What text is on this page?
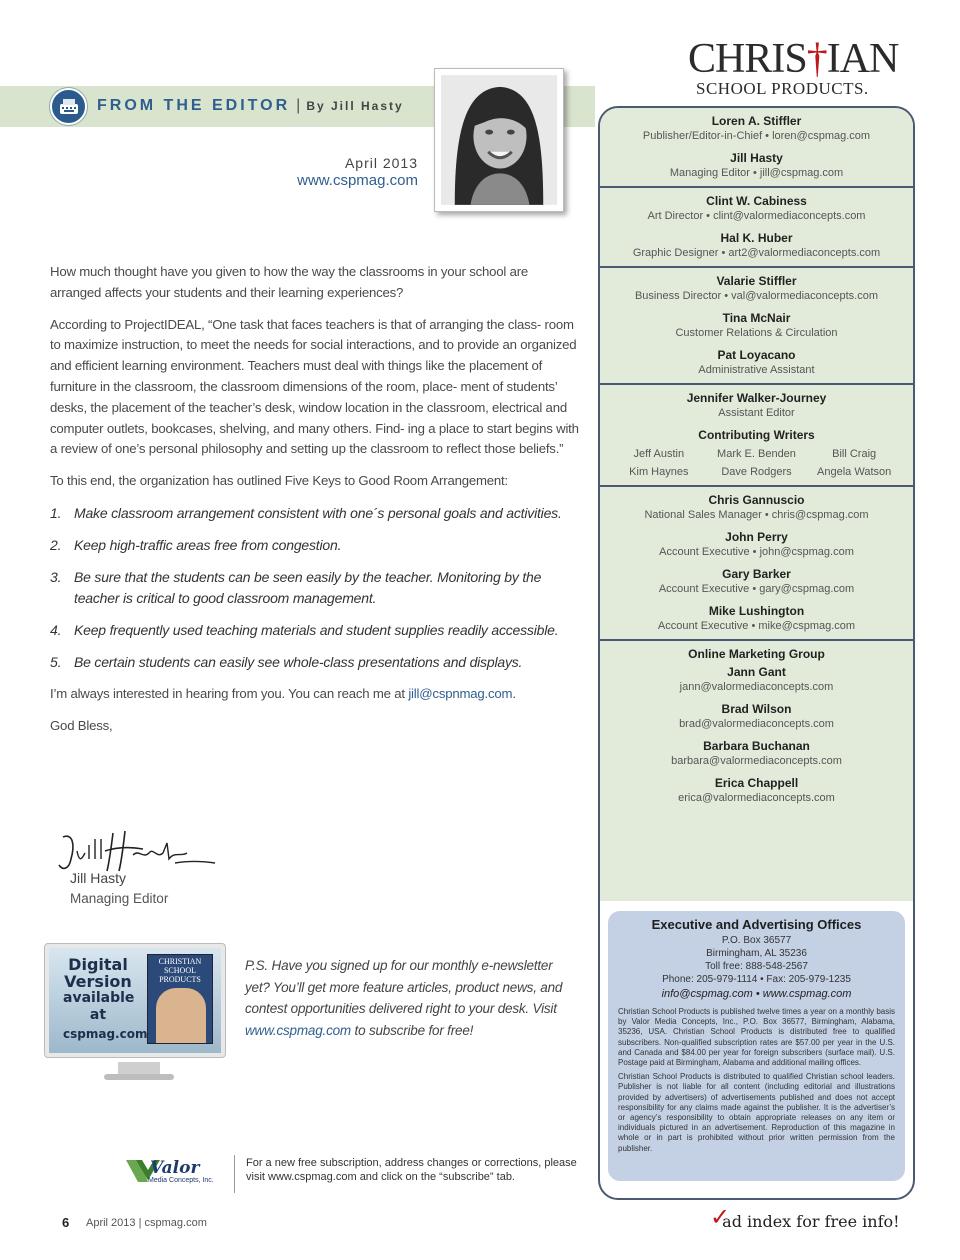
FROM THE EDITOR | By Jill Hasty
April 2013
www.cspmag.com

How much thought have you given to how the way the classrooms in your school are arranged affects your students and their learning experiences?

According to ProjectIDEAL, “One task that faces teachers is that of arranging the class- room to maximize instruction, to meet the needs for social interactions, and to provide an organized and efficient learning environment. Teachers must deal with things like the placement of furniture in the classroom, the classroom dimensions of the room, place- ment of students’ desks, the placement of the teacher’s desk, window location in the classroom, electrical and computer outlets, bookcases, shelving, and many others. Find- ing a place to start begins with a review of one’s personal philosophy and setting up the classroom to reflect those beliefs.”

To this end, the organization has outlined Five Keys to Good Room Arrangement:

1. Make classroom arrangement consistent with one´s personal goals and activities.
2. Keep high-traffic areas free from congestion.
3. Be sure that the students can be seen easily by the teacher. Monitoring by the teacher is critical to good classroom management.
4. Keep frequently used teaching materials and student supplies readily accessible.
5. Be certain students can easily see whole-class presentations and displays.

I’m always interested in hearing from you. You can reach me at jill@cspnmag.com.

God Bless,

Jill Hasty
Managing Editor
Digital
Version
available
at
cspmag.com
CHRISTIAN SCHOOL PRODUCTS
P.S. Have you signed up for our monthly e-newsletter yet? You’ll get more feature articles, product news, and contest opportunities delivered right to your desk. Visit www.cspmag.com to subscribe for free!
Valor
Media Concepts, Inc.
For a new free subscription, address changes or corrections, please visit www.cspmag.com and click on the “subscribe” tab.
6 April 2013 | cspmag.com
CHRIS†IAN
SCHOOL PRODUCTS.
Loren A. Stiffler
Publisher/Editor-in-Chief • loren@cspmag.com
Jill Hasty
Managing Editor • jill@cspmag.com
Clint W. Cabiness
Art Director • clint@valormediaconcepts.com
Hal K. Huber
Graphic Designer • art2@valormediaconcepts.com
Valarie Stiffler
Business Director • val@valormediaconcepts.com
Tina McNair
Customer Relations & Circulation
Pat Loyacano
Administrative Assistant
Jennifer Walker-Journey
Assistant Editor
Contributing Writers
Jeff Austin	Mark E. Benden	Bill Craig
Kim Haynes	Dave Rodgers	Angela Watson
Chris Gannuscio
National Sales Manager • chris@cspmag.com
John Perry
Account Executive • john@cspmag.com
Gary Barker
Account Executive • gary@cspmag.com
Mike Lushington
Account Executive • mike@cspmag.com
Online Marketing Group
Jann Gant
jann@valormediaconcepts.com
Brad Wilson
brad@valormediaconcepts.com
Barbara Buchanan
barbara@valormediaconcepts.com
Erica Chappell
erica@valormediaconcepts.com
Executive and Advertising Offices
P.O. Box 36577
Birmingham, AL 35236
Toll free: 888-548-2567
Phone: 205-979-1114 • Fax: 205-979-1235
info@cspmag.com • www.cspmag.com
Christian School Products is published twelve times a year on a monthly basis by Valor Media Concepts, Inc., P.O. Box 36577, Birmingham, Alabama, 35236, USA. Christian School Products is distributed free to qualified subscribers. Non-qualified subscription rates are $57.00 per year in the U.S. and Canada and $84.00 per year for foreign subscribers (surface mail). U.S. Postage paid at Birmingham, Alabama and additional mailing offices.
Christian School Products is distributed to qualified Christian school leaders. Publisher is not liable for all content (including editorial and illustrations provided by advertisers) of advertisements published and does not accept responsibility for any claims made against the publisher. It is the advertiser’s or agency’s responsibility to obtain appropriate releases on any item or individuals pictured in an advertisement. Reproduction of this magazine in whole or in part is prohibited without prior written permission from the publisher.
✓
ad index for free info!
